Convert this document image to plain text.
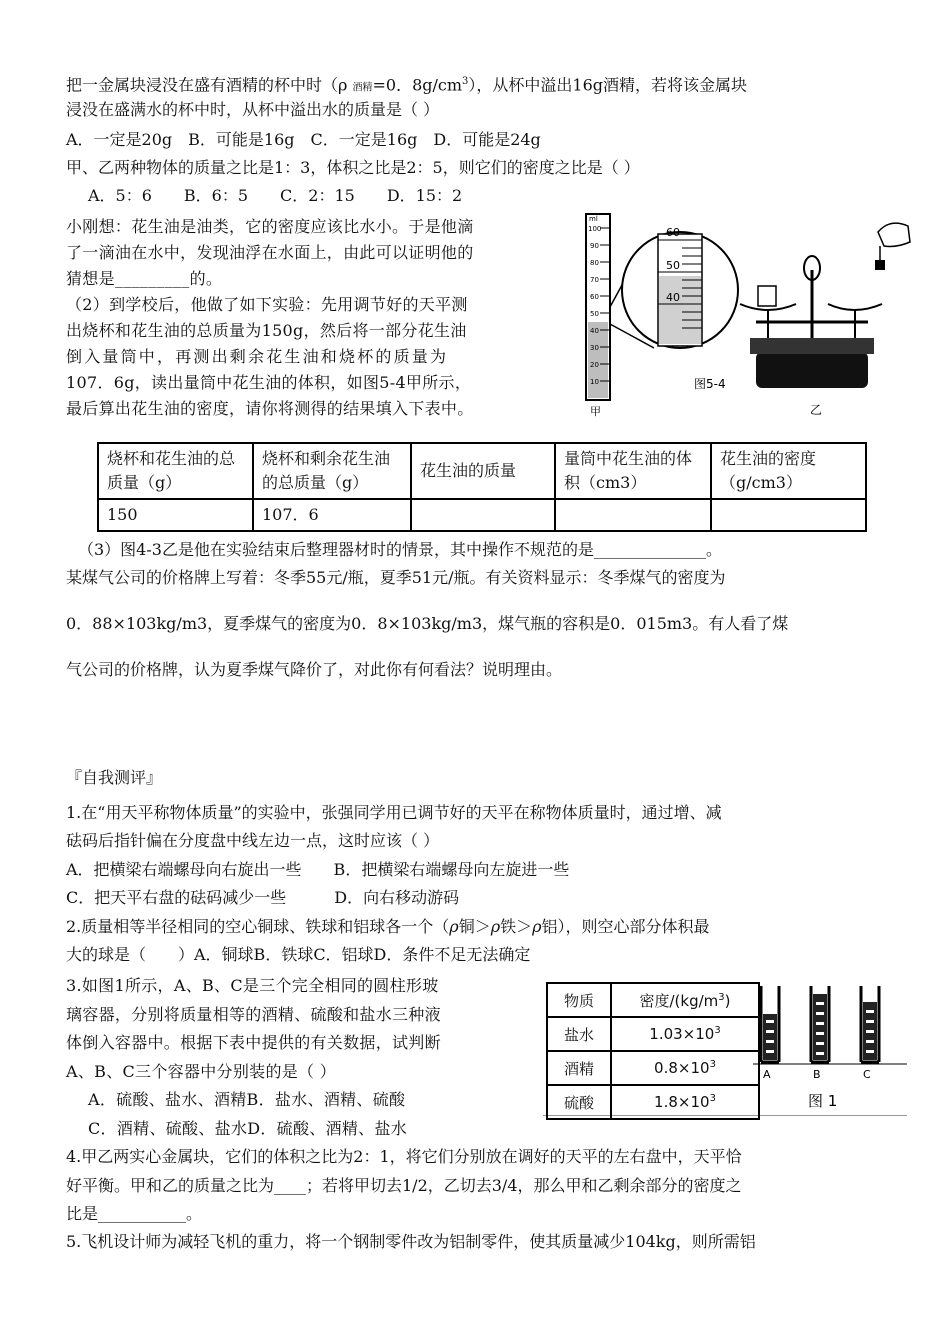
把一金属块浸没在盛有酒精的杯中时（ρ 酒精=0．$8g/cm^3$），从杯中溢出16g酒精，若将该金属块
浸没在盛满水的杯中时，从杯中溢出水的质量是（ ）
A．一定是20g　B．可能是16g　C．一定是16g　D．可能是24g
甲、乙两种物体的质量之比是1：3，体积之比是2：5，则它们的密度之比是（ ）
A．5：6　　B．6：5　　C．2：15　　D．15：2

小刚想：花生油是油类，它的密度应该比水小。于是他滴

了一滴油在水中，发现油浮在水面上，由此可以证明他的

猜想是_________的。

（2）到学校后，他做了如下实验：先用调节好的天平测

出烧杯和花生油的总质量为150g，然后将一部分花生油

倒入量筒中，再测出剩余花生油和烧杯的质量为

107．6g，读出量筒中花生油的体积，如图5-4甲所示，

最后算出花生油的密度，请你将测得的结果填入下表中。

ml
100
90
80
70
60
50
40
30
20
10
甲
60
50
40
图5-4
乙
烧杯和花生油的总质量（g）	烧杯和剩余花生油的总质量（g）	花生油的质量	量筒中花生油的体积（cm3）	花生油的密度（g/cm3）
150	107．6			
（3）图4-3乙是他在实验结束后整理器材时的情景，其中操作不规范的是______________。
某煤气公司的价格牌上写着：冬季55元/瓶，夏季51元/瓶。有关资料显示：冬季煤气的密度为
0．88×103kg/m3，夏季煤气的密度为0．8×103kg/m3，煤气瓶的容积是0．015m3。有人看了煤
气公司的价格牌，认为夏季煤气降价了，对此你有何看法？说明理由。
『自我测评』
1.在“用天平称物体质量”的实验中，张强同学用已调节好的天平在称物体质量时，通过增、减
砝码后指针偏在分度盘中线左边一点，这时应该（ ）
A．把横梁右端螺母向右旋出一些　　B．把横梁右端螺母向左旋进一些
C．把天平右盘的砝码减少一些　　　D．向右移动游码
2.质量相等半径相同的空心铜球、铁球和铝球各一个（ρ铜＞ρ铁＞ρ铝），则空心部分体积最
大的球是（　　）A．铜球B．铁球C．铝球D．条件不足无法确定

3.如图1所示，A、B、C是三个完全相同的圆柱形玻

璃容器，分别将质量相等的酒精、硫酸和盐水三种液

体倒入容器中。根据下表中提供的有关数据，试判断

A、B、C三个容器中分别装的是（ ）

A．硫酸、盐水、酒精B．盐水、酒精、硫酸

C．酒精、硫酸、盐水D．硫酸、酒精、盐水

物质	密度$/(kg/m^3)$
盐水	$1.03\times 10^3$
酒精	$0.8\times 10^3$
硫酸	$1.8\times 10^3$
A	B	C
图 1
4.甲乙两实心金属块，它们的体积之比为2：1，将它们分别放在调好的天平的左右盘中，天平恰
好平衡。甲和乙的质量之比为____；若将甲切去1/2，乙切去3/4，那么甲和乙剩余部分的密度之
比是___________。
5.飞机设计师为减轻飞机的重力，将一个钢制零件改为铝制零件，使其质量减少104kg，则所需铝
